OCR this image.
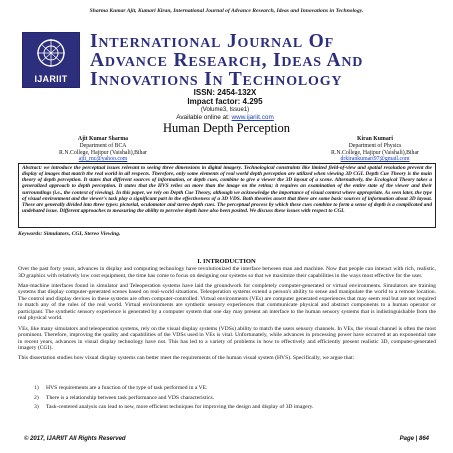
Sharma Kumar Ajit, Kumari Kiran, International Journal of Advance Research, Ideas and Innovations in Technology.
IJARIIT
International Journal Of
Advance Research, Ideas And
Innovations In Technology
ISSN: 2454-132X
Impact factor: 4.295
(Volume3, Issue1)
Available online at: www.ijariit.com
Human Depth Perception
Ajit Kumar Sharma
Department of BCA
R.N.College, Hajipur (Vaishali),Bihar
ajit_rnc@yahoo.com
Kiran Kumari
Department of Physics
R.N.College, Hajipur (Vaishali),Bihar
drkirankumari97@gmail.com
Abstract: we introduce the perceptual issues relevant to seeing three dimensions in digital imagery. Technological constraints like limited field-of-view and spatial resolution prevent the display of images that match the real world in all respects. Therefore, only some elements of real world depth perception are utilized when viewing 3D CGI. Depth Cue Theory is the main theory of depth perception. It states that different sources of information, or depth cues, combine to give a viewer the 3D layout of a scene. Alternatively, the Ecological Theory takes a generalized approach to depth perception. It states that the HVS relies on more than the image on the retina; it requires an examination of the entire state of the viewer and their surroundings (i.e., the context of viewing). In this paper, we rely on Depth Cue Theory, although we acknowledge the importance of visual context where appropriate. As seen later, the type of visual environment and the viewer's task play a significant part in the effectiveness of a 3D VDS. Both theories assert that there are some basic sources of information about 3D layout. These are generally divided into three types: pictorial, oculomotor and stereo depth cues. The perceptual process by which these cues combine to form a sense of depth is a complicated and undebated issue. Different approaches to measuring the ability to perceive depth have also been posited. We discuss these issues with respect to CGI.
Keywords: Simulators, CGI, Stereo Viewing.
I. INTRODUCTION

Over the past forty years, advances in display and computing technology have revolutionized the interface between man and machine. Now that people can interact with rich, realistic, 3D graphics with relatively low cost equipment, the time has come to focus on designing our systems so that we maximize their capabilities in the ways most effective for the user.

Man-machine interfaces found in simulator and Teleoperation systems have laid the groundwork for completely computer-generated or virtual environments. Simulators are training systems that display computer-generated scenes based on real-world situations. Teleoperation systems extend a person's ability to sense and manipulate the world to a remote location. The control and display devices in these systems are often computer-controlled. Virtual environments (VEs) are computer generated experiences that may seem real but are not required to match any of the rules of the real world. Virtual environments are synthetic sensory experiences that communicate physical and abstract components to a human operator or participant. The synthetic sensory experience is generated by a computer system that one day may present an interface to the human sensory systems that is indistinguishable from the real physical world.

VEs, like many simulators and teleoperation systems, rely on the visual display systems (VDSs) ability to match the users sensory channels. In VEs, the visual channel is often the most prominent. Therefore, improving the quality and capabilities of the VDSs used in VEs is vital. Unfortunately, while advances in processing power have occurred at an exponential rate in recent years, advances in visual display technology have not. This has led to a variety of problems in how to effectively and efficiently present realistic 3D, computer-generated imagery (CGI).

This dissertation studies how visual display systems can better meet the requirements of the human visual system (HVS). Specifically, we argue that:

1)	HVS requirements are a function of the type of task performed in a VE.
2)	There is a relationship between task performance and VDS characteristics.
3)	Task-centered analysis can lead to new, more efficient techniques for improving the design and display of 3D imagery.
© 2017, IJARIIT All Rights Reserved	Page | 864
